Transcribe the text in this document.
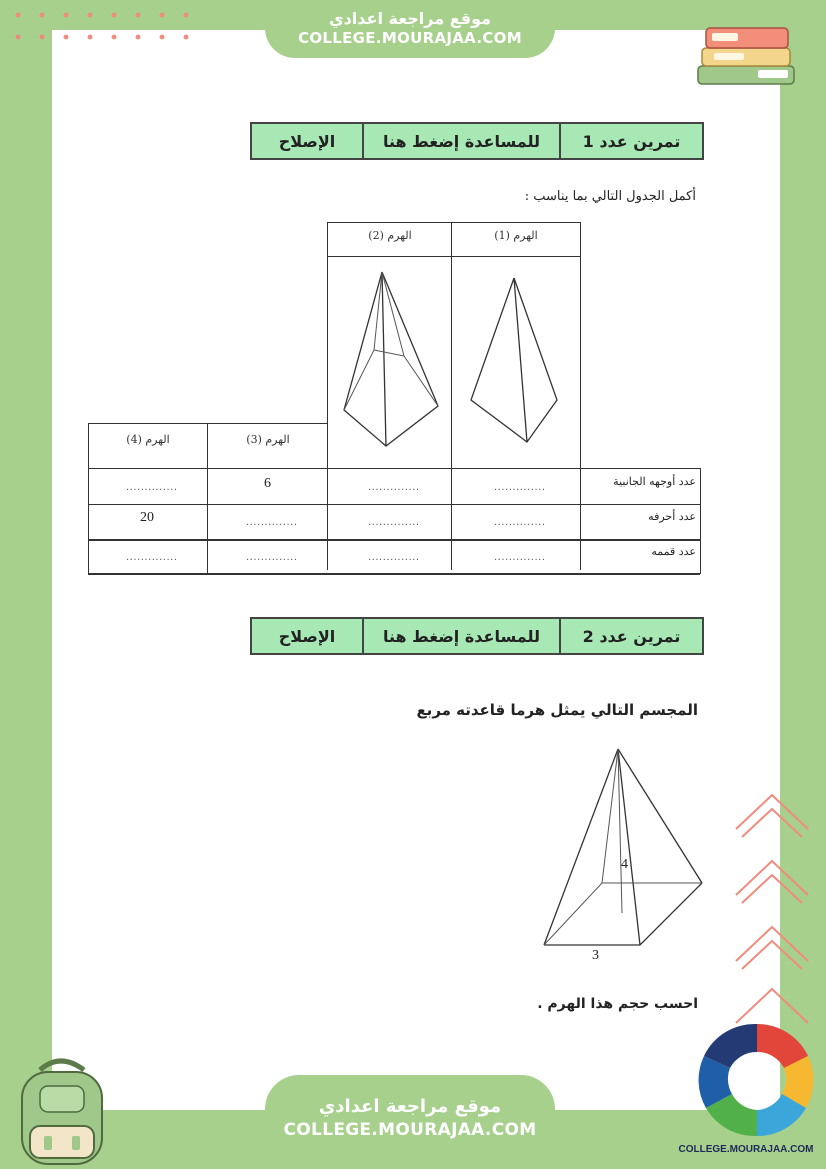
موقع مراجعة اعدادي
COLLEGE.MOURAJAA.COM
تمرين عدد 1
للمساعدة إضغط هنا
الإصلاح
أكمل الجدول التالي بما يناسب :
الهرم (1)
الهرم (2)
الهرم (3)
الهرم (4)
عدد أوجهه الجانبية
عدد أحرفه
عدد قممه
..............
..............
6
..............
..............
..............
..............
20
..............
..............
..............
..............
تمرين عدد 2
للمساعدة إضغط هنا
الإصلاح
المجسم التالي يمثل هرما قاعدته مربع
4
3
احسب حجم هذا الهرم .
موقع مراجعة اعدادي
COLLEGE.MOURAJAA.COM
COLLEGE.MOURAJAA.COM
